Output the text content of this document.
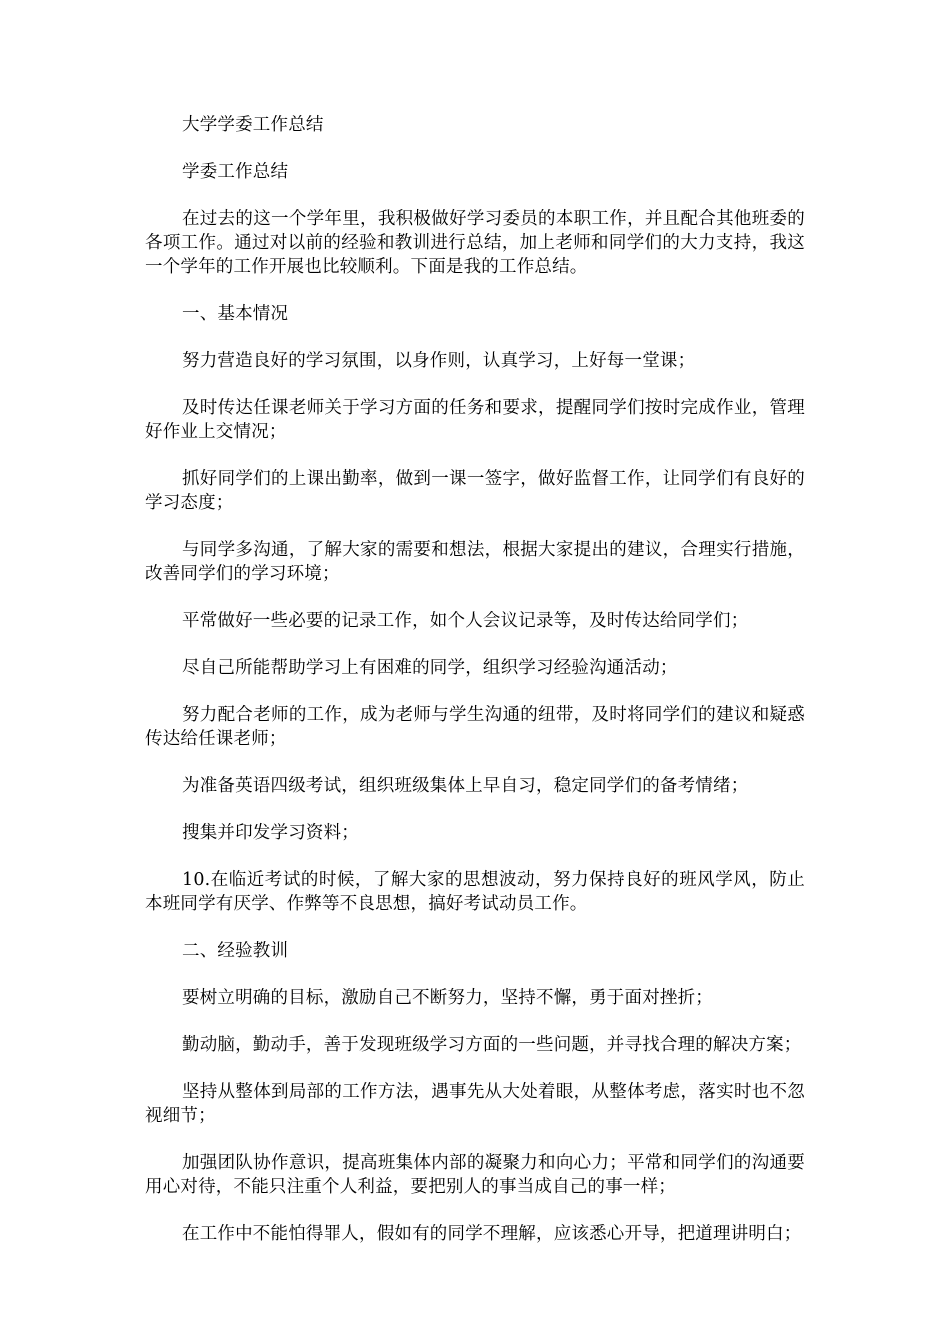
大学学委工作总结

学委工作总结

在过去的这一个学年里，我积极做好学习委员的本职工作，并且配合其他班委的各项工作。通过对以前的经验和教训进行总结，加上老师和同学们的大力支持，我这一个学年的工作开展也比较顺利。下面是我的工作总结。

一、基本情况

努力营造良好的学习氛围，以身作则，认真学习，上好每一堂课；

及时传达任课老师关于学习方面的任务和要求，提醒同学们按时完成作业，管理好作业上交情况；

抓好同学们的上课出勤率，做到一课一签字，做好监督工作，让同学们有良好的学习态度；

与同学多沟通，了解大家的需要和想法，根据大家提出的建议，合理实行措施，改善同学们的学习环境；

平常做好一些必要的记录工作，如个人会议记录等，及时传达给同学们；

尽自己所能帮助学习上有困难的同学，组织学习经验沟通活动；

努力配合老师的工作，成为老师与学生沟通的纽带，及时将同学们的建议和疑惑传达给任课老师；

为准备英语四级考试，组织班级集体上早自习，稳定同学们的备考情绪；

搜集并印发学习资料；

10.在临近考试的时候，了解大家的思想波动，努力保持良好的班风学风，防止本班同学有厌学、作弊等不良思想，搞好考试动员工作。

二、经验教训

要树立明确的目标，激励自己不断努力，坚持不懈，勇于面对挫折；

勤动脑，勤动手，善于发现班级学习方面的一些问题，并寻找合理的解决方案；

坚持从整体到局部的工作方法，遇事先从大处着眼，从整体考虑，落实时也不忽视细节；

加强团队协作意识，提高班集体内部的凝聚力和向心力；平常和同学们的沟通要用心对待，不能只注重个人利益，要把别人的事当成自己的事一样；

在工作中不能怕得罪人，假如有的同学不理解，应该悉心开导，把道理讲明白；
